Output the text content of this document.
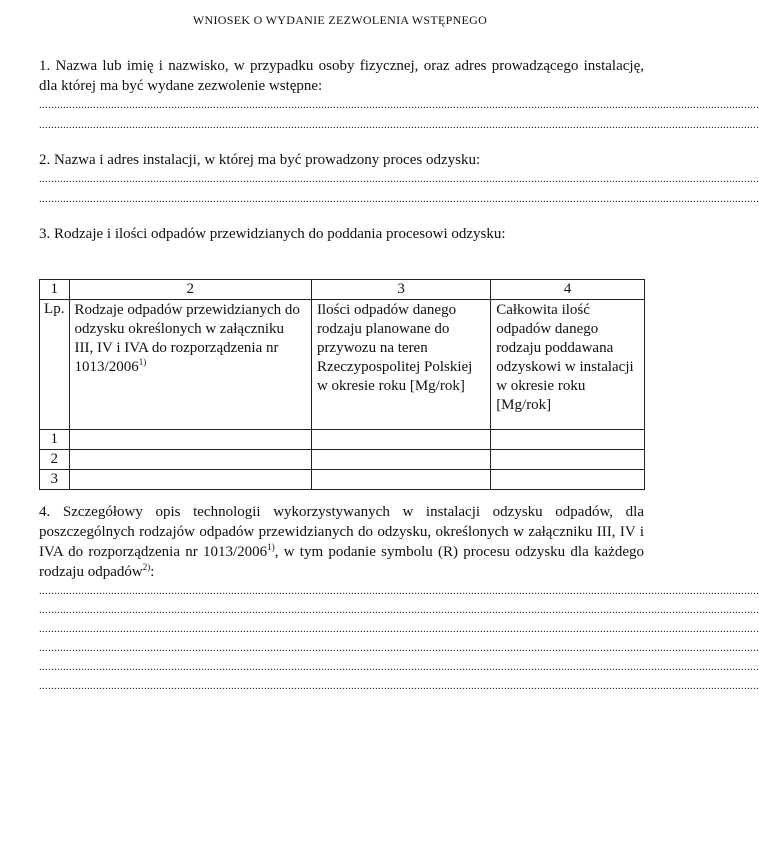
WNIOSEK O WYDANIE ZEZWOLENIA WSTĘPNEGO
1. Nazwa lub imię i nazwisko, w przypadku osoby fizycznej, oraz adres prowadzącego instalację, dla której ma być wydane zezwolenie wstępne:
................................................................................................................................................................................................................................................
................................................................................................................................................................................................................................................
2. Nazwa i adres instalacji, w której ma być prowadzony proces odzysku:
................................................................................................................................................................................................................................................
................................................................................................................................................................................................................................................
3. Rodzaje i ilości odpadów przewidzianych do poddania procesowi odzysku:
1	2	3	4
Lp.	Rodzaje odpadów przewidzianych do odzysku określonych w załączniku III, IV i IVA do rozporządzenia nr 1013/2006$^{1)}$	Ilości odpadów danego rodzaju planowane do przywozu na teren Rzeczypospolitej Polskiej w okresie roku [Mg/rok]	Całkowita ilość odpadów danego rodzaju poddawana odzyskowi w instalacji w okresie roku [Mg/rok]
1			
2			
3			
4. Szczegółowy opis technologii wykorzystywanych w instalacji odzysku odpadów, dla poszczególnych rodzajów odpadów przewidzianych do odzysku, określonych w załączniku III, IV i IVA do rozporządzenia nr 1013/2006$^{1)}$, w tym podanie symbolu (R) procesu odzysku dla każdego rodzaju odpadów$^{2)}$:
................................................................................................................................................................................................................................................
................................................................................................................................................................................................................................................
................................................................................................................................................................................................................................................
................................................................................................................................................................................................................................................
................................................................................................................................................................................................................................................
................................................................................................................................................................................................................................................
